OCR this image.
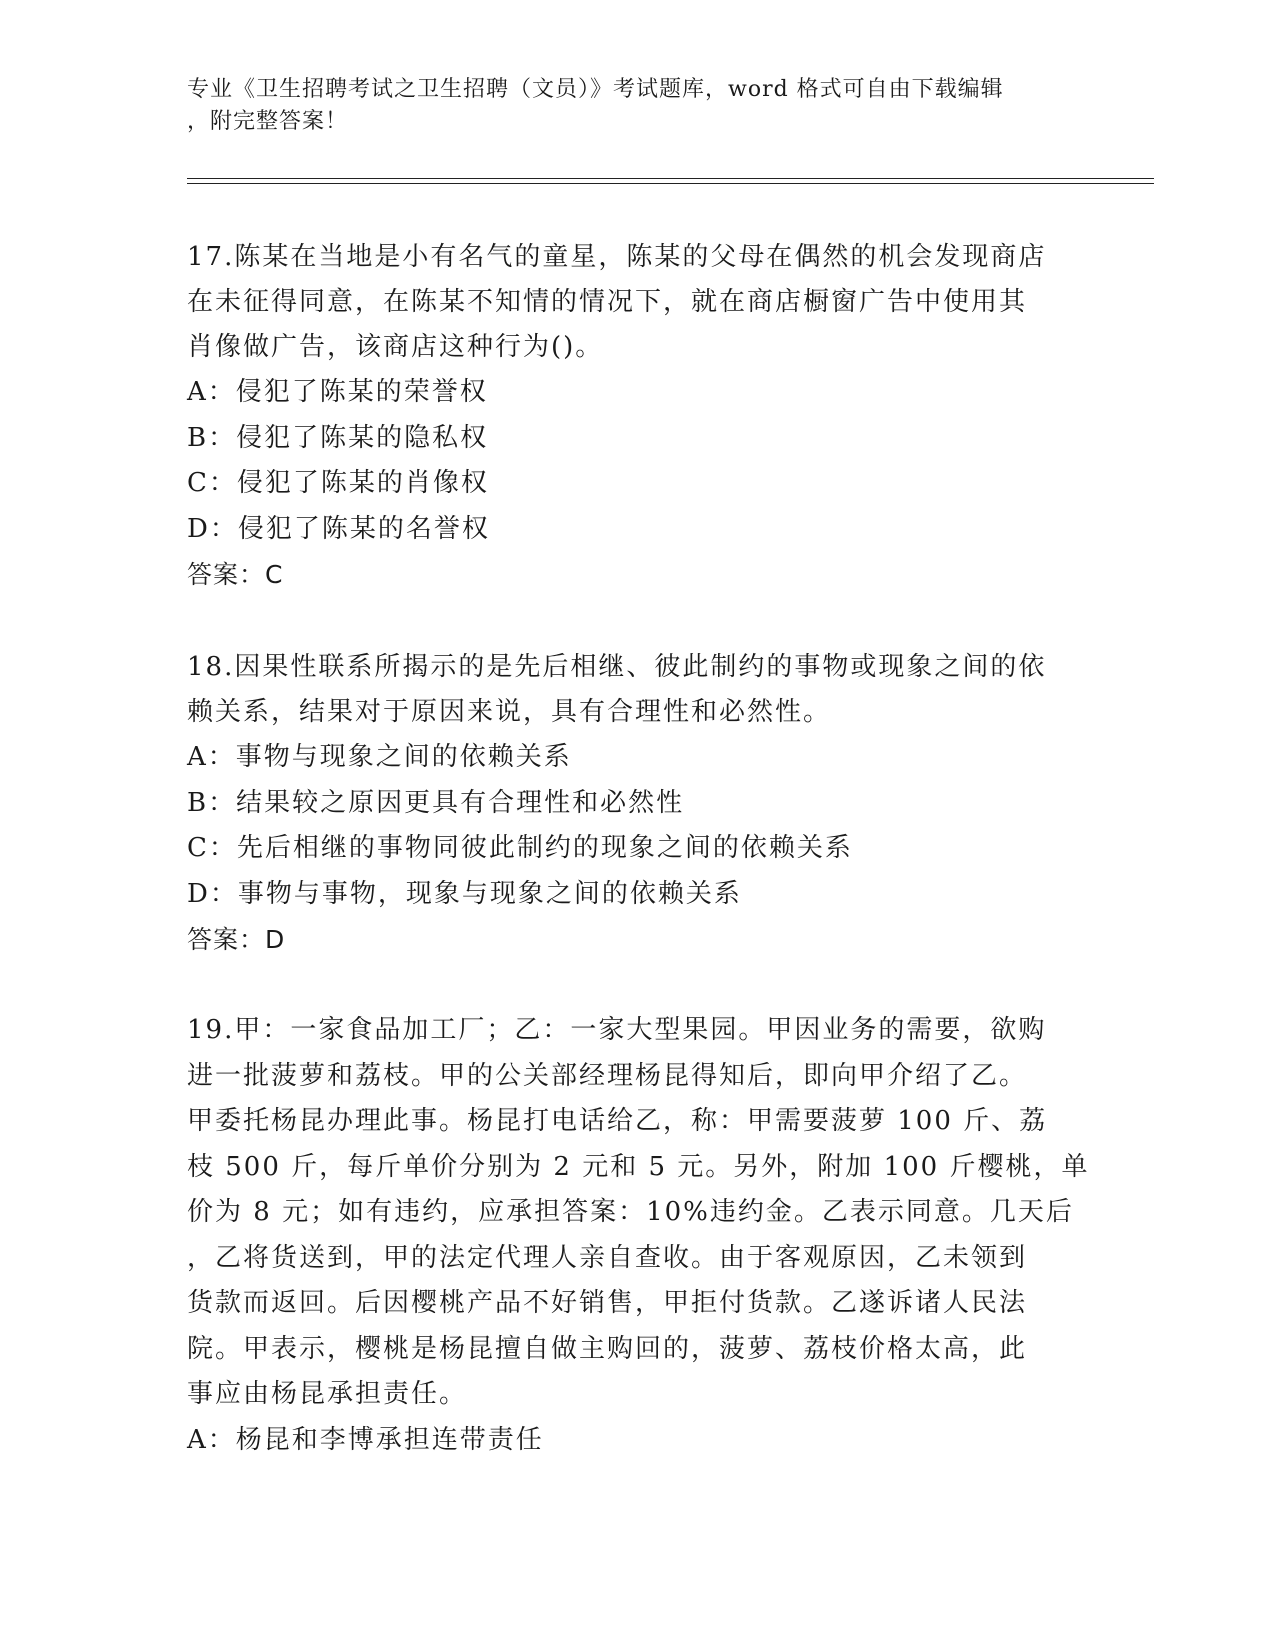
专业《卫生招聘考试之卫生招聘（文员）》考试题库，word 格式可自由下载编辑
，附完整答案！
17.陈某在当地是小有名气的童星，陈某的父母在偶然的机会发现商店
在未征得同意，在陈某不知情的情况下，就在商店橱窗广告中使用其
肖像做广告，该商店这种行为()。
A：侵犯了陈某的荣誉权
B：侵犯了陈某的隐私权
C：侵犯了陈某的肖像权
D：侵犯了陈某的名誉权
答案：C
18.因果性联系所揭示的是先后相继、彼此制约的事物或现象之间的依
赖关系，结果对于原因来说，具有合理性和必然性。
A：事物与现象之间的依赖关系
B：结果较之原因更具有合理性和必然性
C：先后相继的事物同彼此制约的现象之间的依赖关系
D：事物与事物，现象与现象之间的依赖关系
答案：D
19.甲：一家食品加工厂；乙：一家大型果园。甲因业务的需要，欲购
进一批菠萝和荔枝。甲的公关部经理杨昆得知后，即向甲介绍了乙。
甲委托杨昆办理此事。杨昆打电话给乙，称：甲需要菠萝 100 斤、荔
枝 500 斤，每斤单价分别为 2 元和 5 元。另外，附加 100 斤樱桃，单
价为 8 元；如有违约，应承担答案：10%违约金。乙表示同意。几天后
，乙将货送到，甲的法定代理人亲自查收。由于客观原因，乙未领到
货款而返回。后因樱桃产品不好销售，甲拒付货款。乙遂诉诸人民法
院。甲表示，樱桃是杨昆擅自做主购回的，菠萝、荔枝价格太高，此
事应由杨昆承担责任。
A：杨昆和李博承担连带责任
